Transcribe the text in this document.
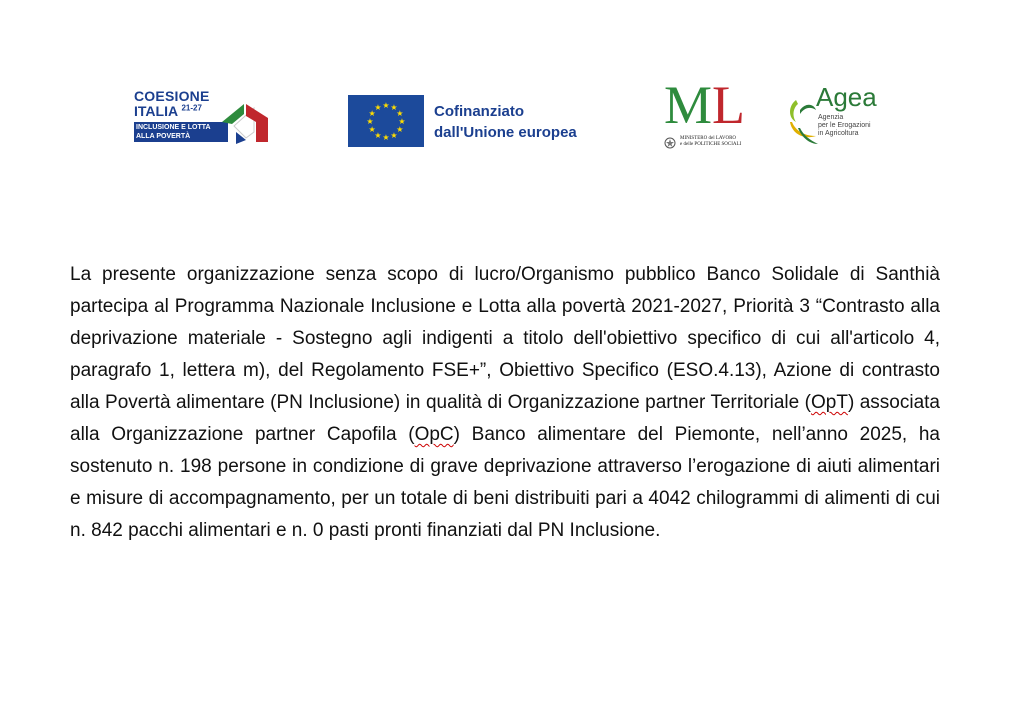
COESIONE
ITALIA $^{21-27}$
INCLUSIONE E LOTTA
ALLA POVERTÀ
★ ★
★
★
★
★
★
★
★
★
★
★	Cofinanziato
dall'Unione europea ML
MINISTERO del LAVORO
e delle POLITICHE SOCIALI
Agea
Agenzia
per le Erogazioni
in Agricoltura

La presente organizzazione senza scopo di lucro/Organismo pubblico Banco Solidale di Santhià partecipa al Programma Nazionale Inclusione e Lotta alla povertà 2021-2027, Priorità 3 “Contrasto alla deprivazione materiale - Sostegno agli indigenti a titolo dell'obiettivo specifico di cui all'articolo 4, paragrafo 1, lettera m), del Regolamento FSE+”, Obiettivo Specifico (ESO.4.13), Azione di contrasto alla Povertà alimentare (PN Inclusione) in qualità di Organizzazione partner Territoriale (OpT) associata alla Organizzazione partner Capofila (OpC) Banco alimentare del Piemonte, nell’anno 2025, ha sostenuto n. 198 persone in condizione di grave deprivazione attraverso l’erogazione di aiuti alimentari e misure di accompagnamento, per un totale di beni distribuiti pari a 4042 chilogrammi di alimenti di cui n. 842 pacchi alimentari e n. 0 pasti pronti finanziati dal PN Inclusione.
